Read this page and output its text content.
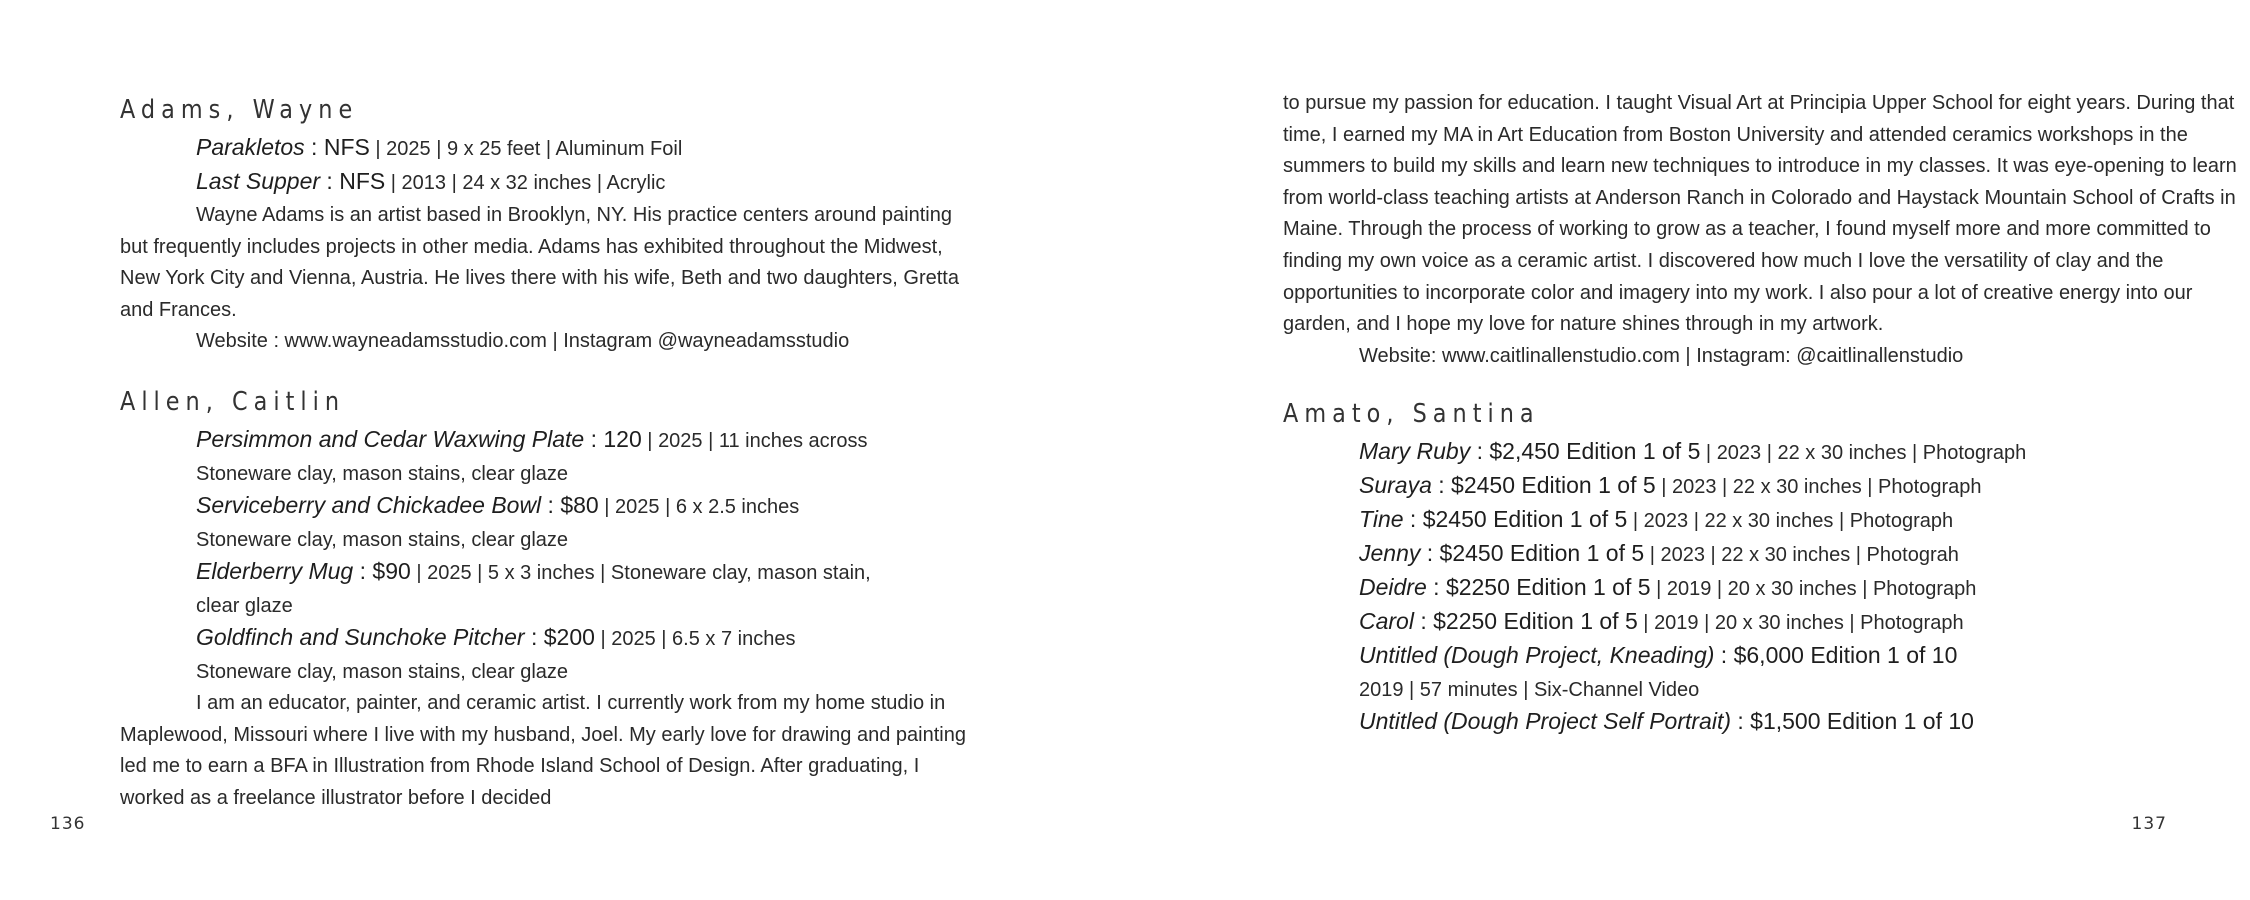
Adams, Wayne
Parakletos : NFS | 2025 | 9 x 25 feet | Aluminum Foil
Last Supper : NFS | 2013 | 24 x 32 inches | Acrylic

Wayne Adams is an artist based in Brooklyn, NY. His practice centers around painting but frequently includes projects in other media. Adams has exhibited throughout the Midwest, New York City and Vienna, Austria. He lives there with his wife, Beth and two daughters, Gretta and Frances.

Website : www.wayneadamsstudio.com | Instagram @wayneadamsstudio
Allen, Caitlin
Persimmon and Cedar Waxwing Plate : 120 | 2025 | 11 inches across
Stoneware clay, mason stains, clear glaze
Serviceberry and Chickadee Bowl : $80 | 2025 | 6 x 2.5 inches
Stoneware clay, mason stains, clear glaze
Elderberry Mug : $90 | 2025 | 5 x 3 inches | Stoneware clay, mason stain,
clear glaze
Goldfinch and Sunchoke Pitcher : $200 | 2025 | 6.5 x 7 inches
Stoneware clay, mason stains, clear glaze

I am an educator, painter, and ceramic artist. I currently work from my home studio in Maplewood, Missouri where I live with my husband, Joel. My early love for drawing and painting led me to earn a BFA in Illustration from Rhode Island School of Design. After graduating, I worked as a freelance illustrator before I decided

136

to pursue my passion for education. I taught Visual Art at Principia Upper School for eight years. During that time, I earned my MA in Art Education from Boston University and attended ceramics workshops in the summers to build my skills and learn new techniques to introduce in my classes. It was eye-opening to learn from world-class teaching artists at Anderson Ranch in Colorado and Haystack Mountain School of Crafts in Maine. Through the process of working to grow as a teacher, I found myself more and more committed to finding my own voice as a ceramic artist. I discovered how much I love the versatility of clay and the opportunities to incorporate color and imagery into my work. I also pour a lot of creative energy into our garden, and I hope my love for nature shines through in my artwork.

Website: www.caitlinallenstudio.com | Instagram: @caitlinallenstudio
Amato, Santina
Mary Ruby : $2,450 Edition 1 of 5 | 2023 | 22 x 30 inches | Photograph
Suraya : $2450 Edition 1 of 5 | 2023 | 22 x 30 inches | Photograph
Tine : $2450 Edition 1 of 5 | 2023 | 22 x 30 inches | Photograph
Jenny : $2450 Edition 1 of 5 | 2023 | 22 x 30 inches | Photograh
Deidre : $2250 Edition 1 of 5 | 2019 | 20 x 30 inches | Photograph
Carol : $2250 Edition 1 of 5 | 2019 | 20 x 30 inches | Photograph
Untitled (Dough Project, Kneading) : $6,000 Edition 1 of 10
2019 | 57 minutes | Six-Channel Video
Untitled (Dough Project Self Portrait) : $1,500 Edition 1 of 10
137
